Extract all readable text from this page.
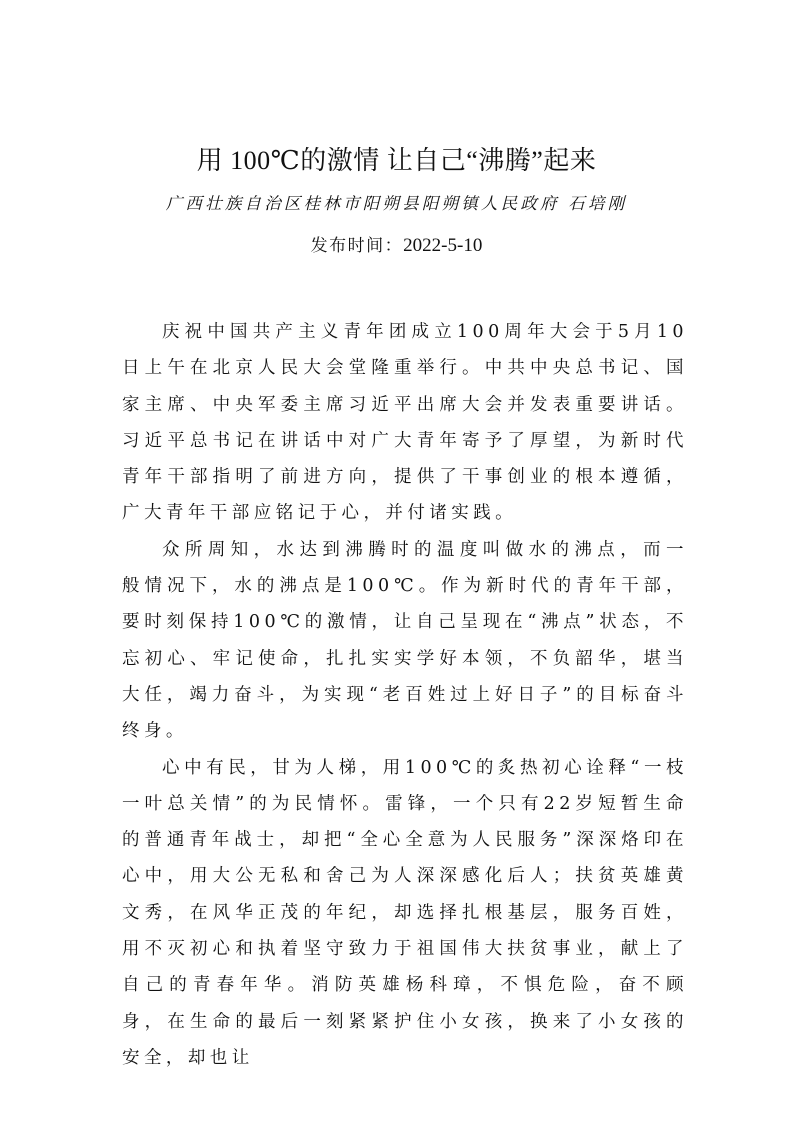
用 100℃的激情 让自己“沸腾”起来
广西壮族自治区桂林市阳朔县阳朔镇人民政府 石培刚
发布时间：2022-5-10

庆祝中国共产主义青年团成立100周年大会于5月10日上午在北京人民大会堂隆重举行。中共中央总书记、国家主席、中央军委主席习近平出席大会并发表重要讲话。习近平总书记在讲话中对广大青年寄予了厚望，为新时代青年干部指明了前进方向，提供了干事创业的根本遵循，广大青年干部应铭记于心，并付诸实践。

众所周知，水达到沸腾时的温度叫做水的沸点，而一般情况下，水的沸点是100℃。作为新时代的青年干部，要时刻保持100℃的激情，让自己呈现在“沸点”状态，不忘初心、牢记使命，扎扎实实学好本领，不负韶华，堪当大任，竭力奋斗，为实现“老百姓过上好日子”的目标奋斗终身。

心中有民，甘为人梯，用100℃的炙热初心诠释“一枝一叶总关情”的为民情怀。雷锋，一个只有22岁短暂生命的普通青年战士，却把“全心全意为人民服务”深深烙印在心中，用大公无私和舍己为人深深感化后人；扶贫英雄黄文秀，在风华正茂的年纪，却选择扎根基层，服务百姓，用不灭初心和执着坚守致力于祖国伟大扶贫事业，献上了自己的青春年华。消防英雄杨科璋，不惧危险，奋不顾身，在生命的最后一刻紧紧护住小女孩，换来了小女孩的安全，却也让
